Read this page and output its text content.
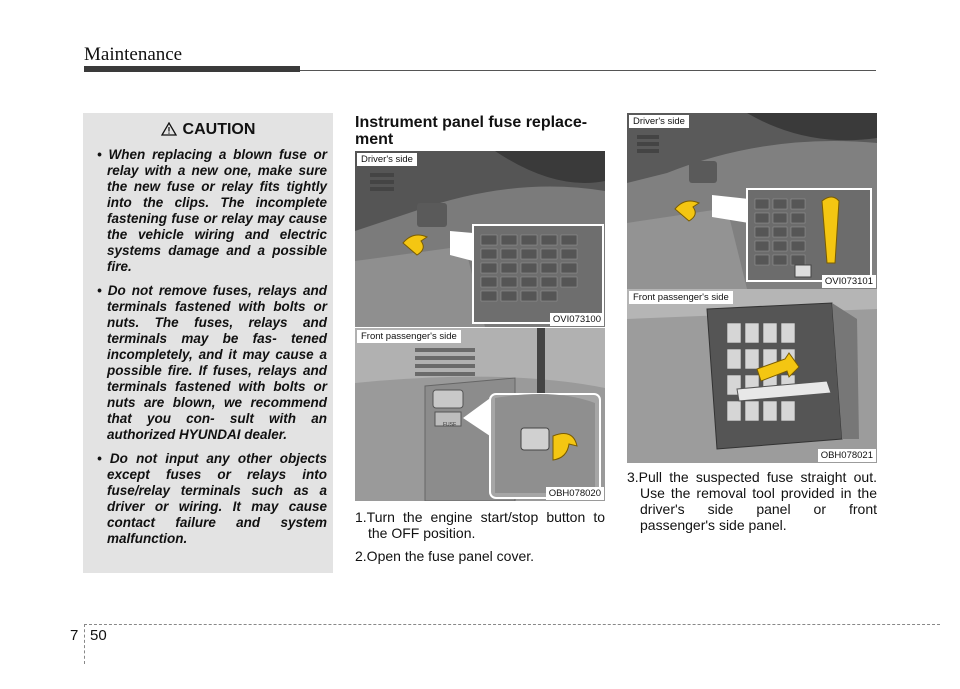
Maintenance
CAUTION
• When replacing a blown fuse or relay with a new one, make sure the new fuse or relay fits tightly into the clips. The incomplete fastening fuse or relay may cause the vehicle wiring and electric systems damage and a possible fire.
• Do not remove fuses, relays and terminals fastened with bolts or nuts. The fuses, relays and terminals may be fas- tened incompletely, and it may cause a possible fire. If fuses, relays and terminals fastened with bolts or nuts are blown, we recommend that you con- sult with an authorized HYUNDAI dealer.
• Do not input any other objects except fuses or relays into fuse/relay terminals such as a driver or wiring. It may cause contact failure and system malfunction.
Instrument panel fuse replace- ment
Driver's side
OVI073100
FUSE
Front passenger's side
OBH078020
Driver's side
OVI073101
Front passenger's side
OBH078021
1.Turn the engine start/stop button to the OFF position.
2.Open the fuse panel cover.
3.Pull the suspected fuse straight out. Use the removal tool provided in the driver's side panel or front passenger's side panel.
7 50
